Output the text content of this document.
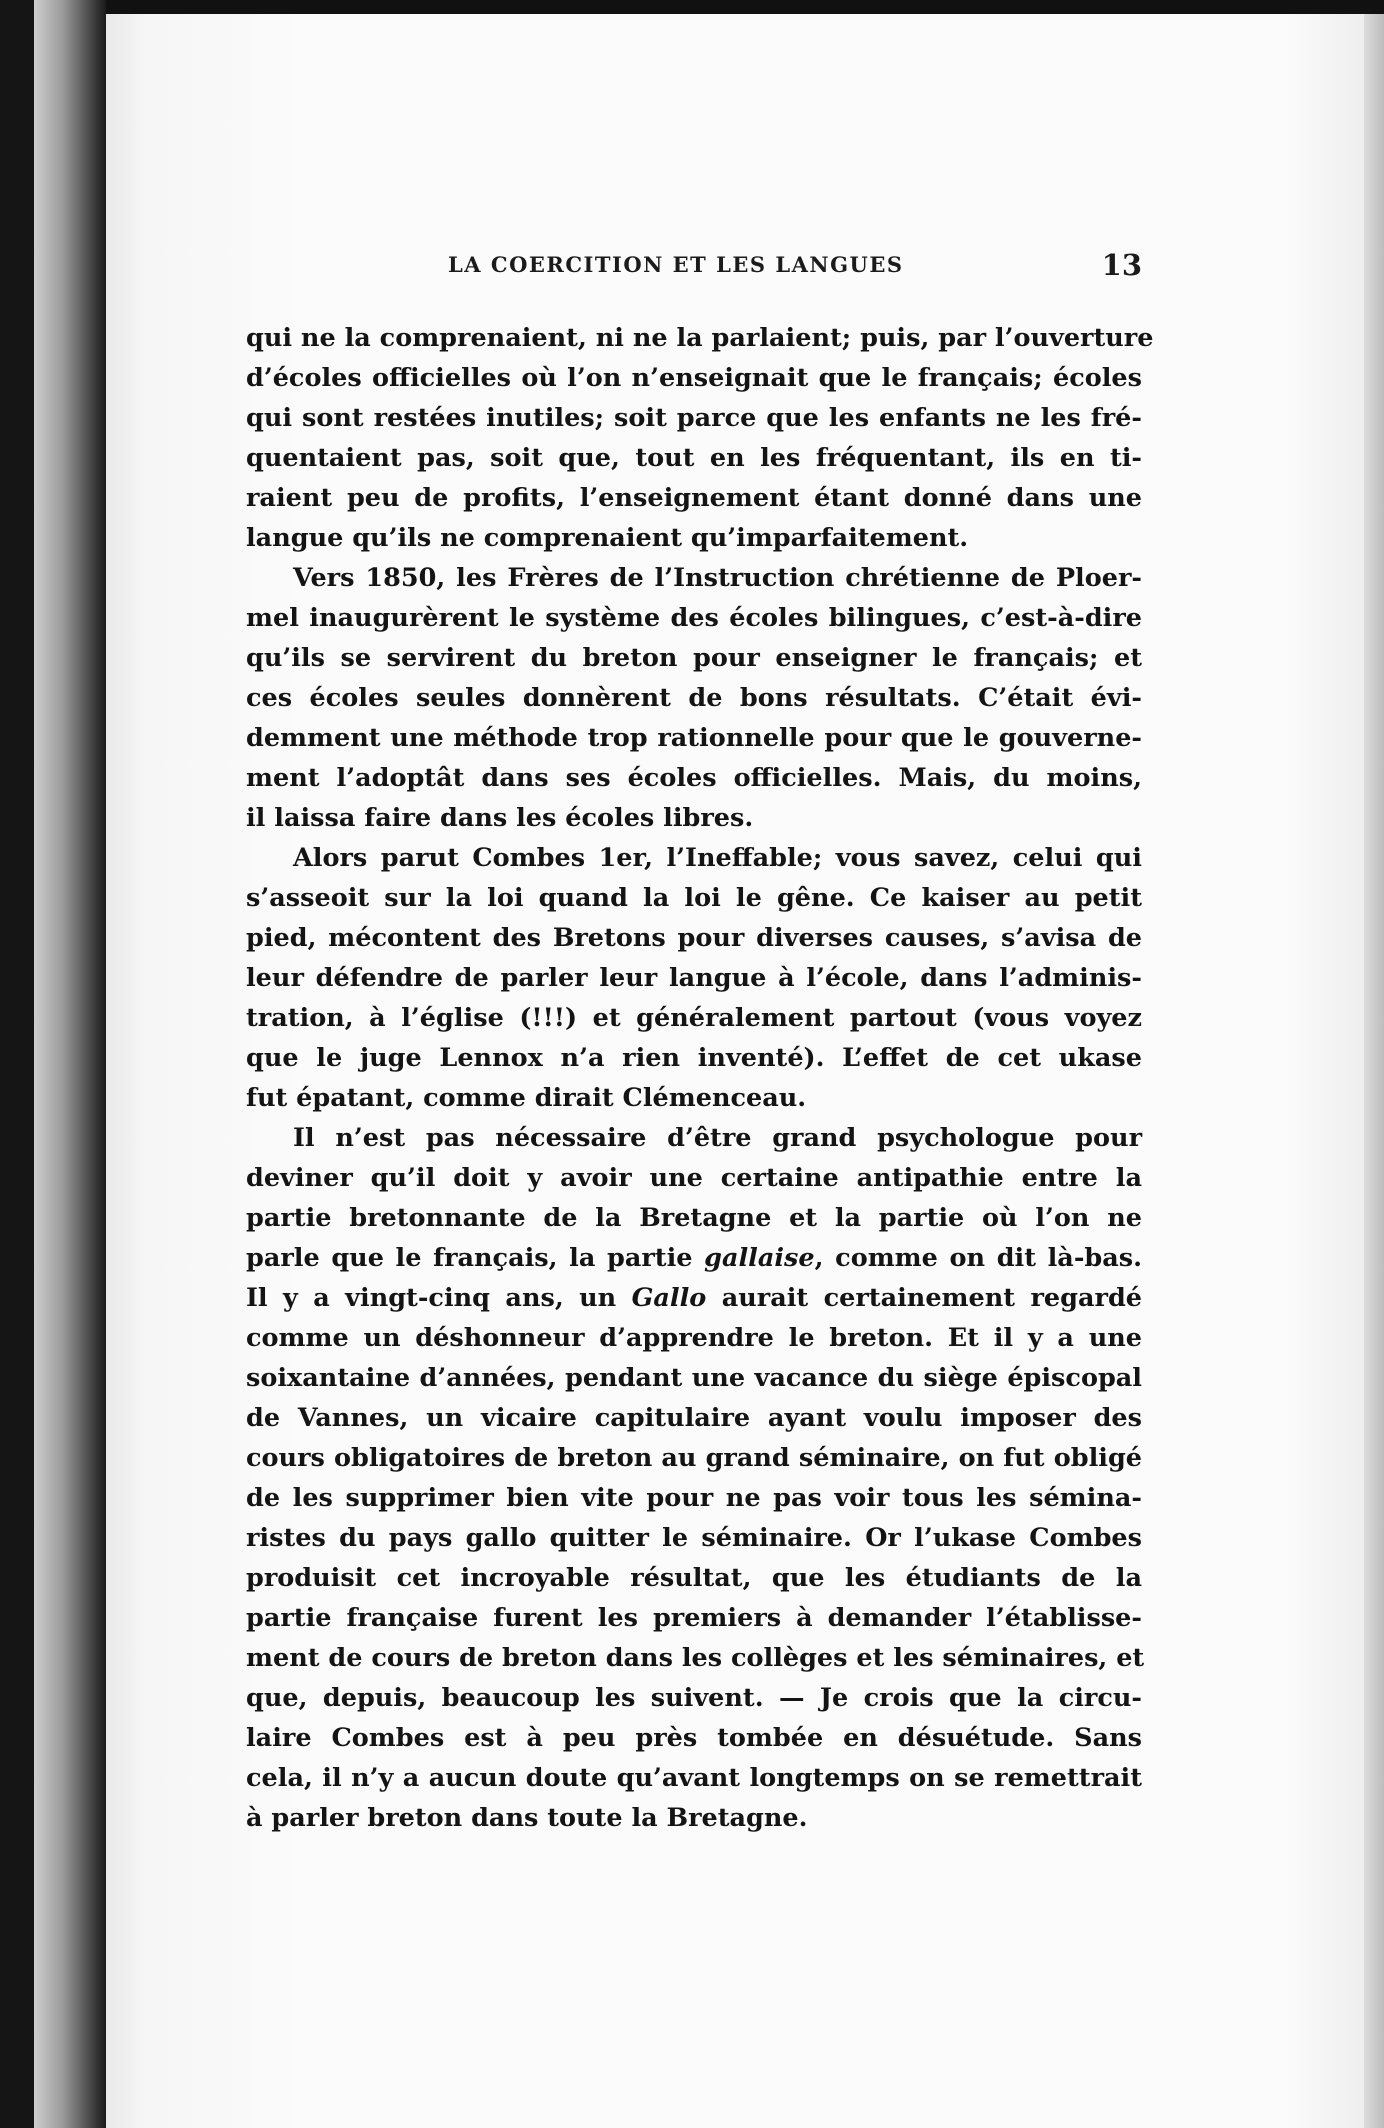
LA COERCITION ET LES LANGUES	13
qui ne la comprenaient, ni ne la parlaient; puis, par l’ouverture
d’écoles officielles où l’on n’enseignait que le français; écoles
qui sont restées inutiles; soit parce que les enfants ne les fré-
quentaient pas, soit que, tout en les fréquentant, ils en ti-
raient peu de profits, l’enseignement étant donné dans une
langue qu’ils ne comprenaient qu’imparfaitement.
Vers 1850, les Frères de l’Instruction chrétienne de Ploer-
mel inaugurèrent le système des écoles bilingues, c’est-à-dire
qu’ils se servirent du breton pour enseigner le français; et
ces écoles seules donnèrent de bons résultats. C’était évi-
demment une méthode trop rationnelle pour que le gouverne-
ment l’adoptât dans ses écoles officielles. Mais, du moins,
il laissa faire dans les écoles libres.
Alors parut Combes 1er, l’Ineffable; vous savez, celui qui
s’asseoit sur la loi quand la loi le gêne. Ce kaiser au petit
pied, mécontent des Bretons pour diverses causes, s’avisa de
leur défendre de parler leur langue à l’école, dans l’adminis-
tration, à l’église (!!!) et généralement partout (vous voyez
que le juge Lennox n’a rien inventé). L’effet de cet ukase
fut épatant, comme dirait Clémenceau.
Il n’est pas nécessaire d’être grand psychologue pour
deviner qu’il doit y avoir une certaine antipathie entre la
partie bretonnante de la Bretagne et la partie où l’on ne
parle que le français, la partie gallaise, comme on dit là-bas.
Il y a vingt-cinq ans, un Gallo aurait certainement regardé
comme un déshonneur d’apprendre le breton. Et il y a une
soixantaine d’années, pendant une vacance du siège épiscopal
de Vannes, un vicaire capitulaire ayant voulu imposer des
cours obligatoires de breton au grand séminaire, on fut obligé
de les supprimer bien vite pour ne pas voir tous les sémina-
ristes du pays gallo quitter le séminaire. Or l’ukase Combes
produisit cet incroyable résultat, que les étudiants de la
partie française furent les premiers à demander l’établisse-
ment de cours de breton dans les collèges et les séminaires, et
que, depuis, beaucoup les suivent. — Je crois que la circu-
laire Combes est à peu près tombée en désuétude. Sans
cela, il n’y a aucun doute qu’avant longtemps on se remettrait
à parler breton dans toute la Bretagne.
